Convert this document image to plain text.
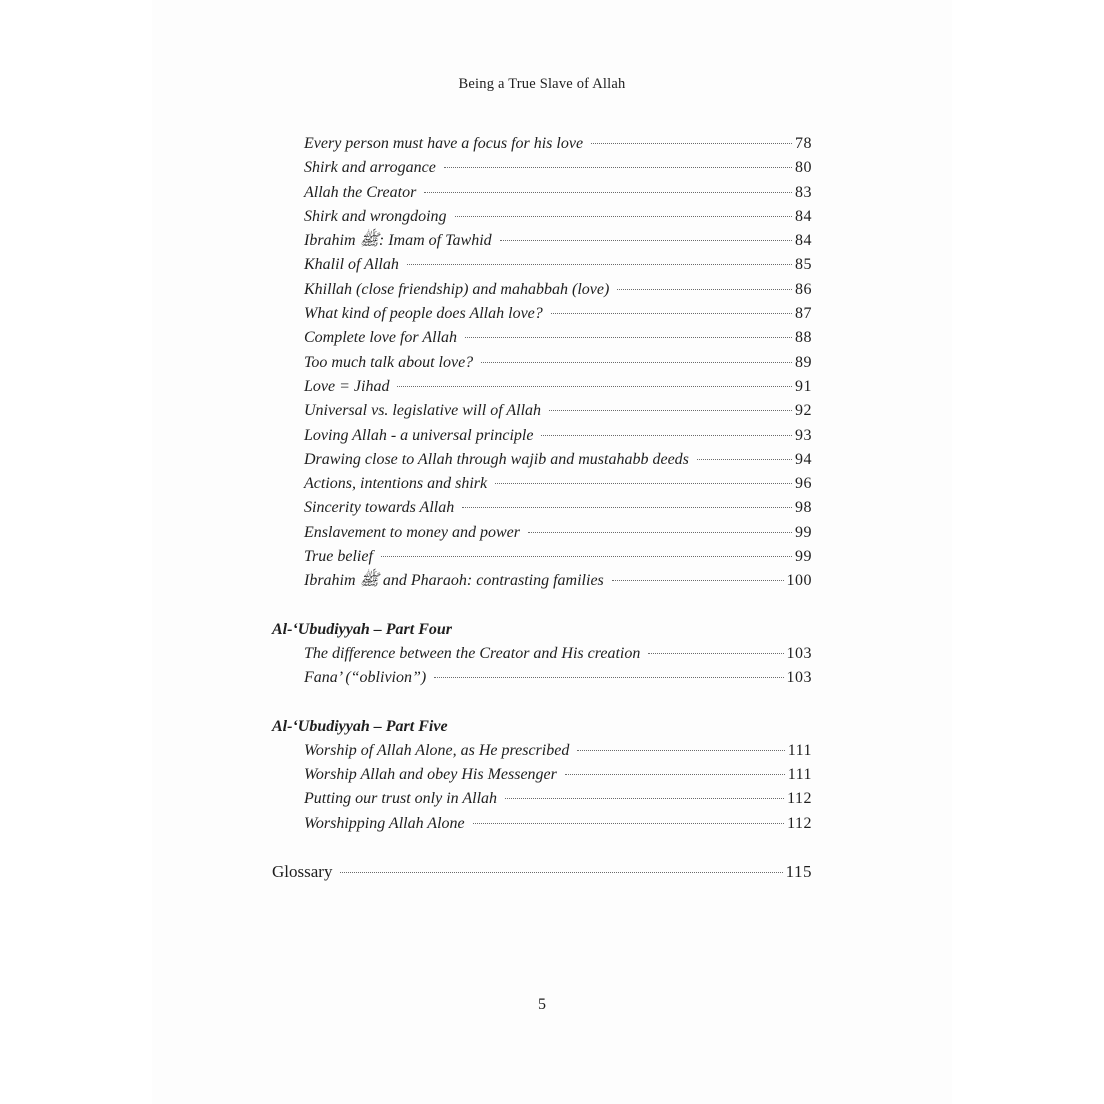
Being a True Slave of Allah
Every person must have a focus for his love	78
Shirk and arrogance	80
Allah the Creator	83
Shirk and wrongdoing	84
Ibrahim ﷺ: Imam of Tawhid	84
Khalil of Allah	85
Khillah (close friendship) and mahabbah (love)	86
What kind of people does Allah love?	87
Complete love for Allah	88
Too much talk about love?	89
Love = Jihad	91
Universal vs. legislative will of Allah	92
Loving Allah - a universal principle	93
Drawing close to Allah through wajib and mustahabb deeds	94
Actions, intentions and shirk	96
Sincerity towards Allah	98
Enslavement to money and power	99
True belief	99
Ibrahim ﷺ and Pharaoh: contrasting families	100
Al-‘Ubudiyyah – Part Four
The difference between the Creator and His creation	103
Fana’ (“oblivion”)	103
Al-‘Ubudiyyah – Part Five
Worship of Allah Alone, as He prescribed	111
Worship Allah and obey His Messenger	111
Putting our trust only in Allah	112
Worshipping Allah Alone	112
Glossary	115
5
